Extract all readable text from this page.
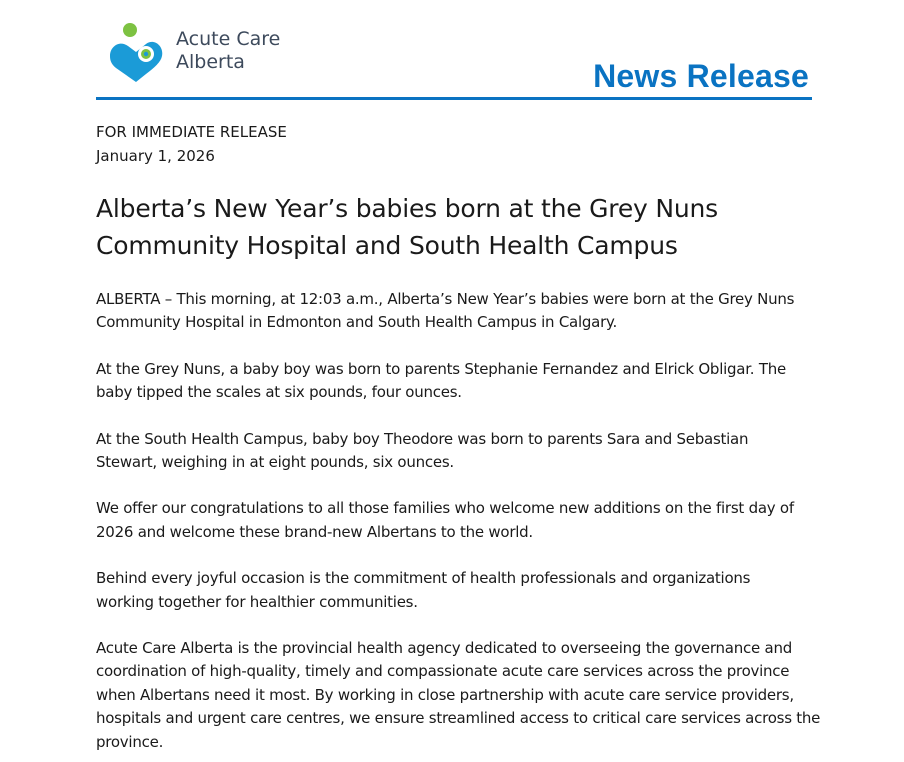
Acute Care
Alberta	News Release

FOR IMMEDIATE RELEASE

January 1, 2026

Alberta’s New Year’s babies born at the Grey Nuns
Community Hospital and South Health Campus

ALBERTA – This morning, at 12:03 a.m., Alberta’s New Year’s babies were born at the Grey Nuns Community Hospital in Edmonton and South Health Campus in Calgary.

At the Grey Nuns, a baby boy was born to parents Stephanie Fernandez and Elrick Obligar. The baby tipped the scales at six pounds, four ounces.

At the South Health Campus, baby boy Theodore was born to parents Sara and Sebastian Stewart, weighing in at eight pounds, six ounces.

We offer our congratulations to all those families who welcome new additions on the first day of 2026 and welcome these brand-new Albertans to the world.

Behind every joyful occasion is the commitment of health professionals and organizations working together for healthier communities.

Acute Care Alberta is the provincial health agency dedicated to overseeing the governance and coordination of high-quality, timely and compassionate acute care services across the province when Albertans need it most. By working in close partnership with acute care service providers, hospitals and urgent care centres, we ensure streamlined access to critical care services across the province.
